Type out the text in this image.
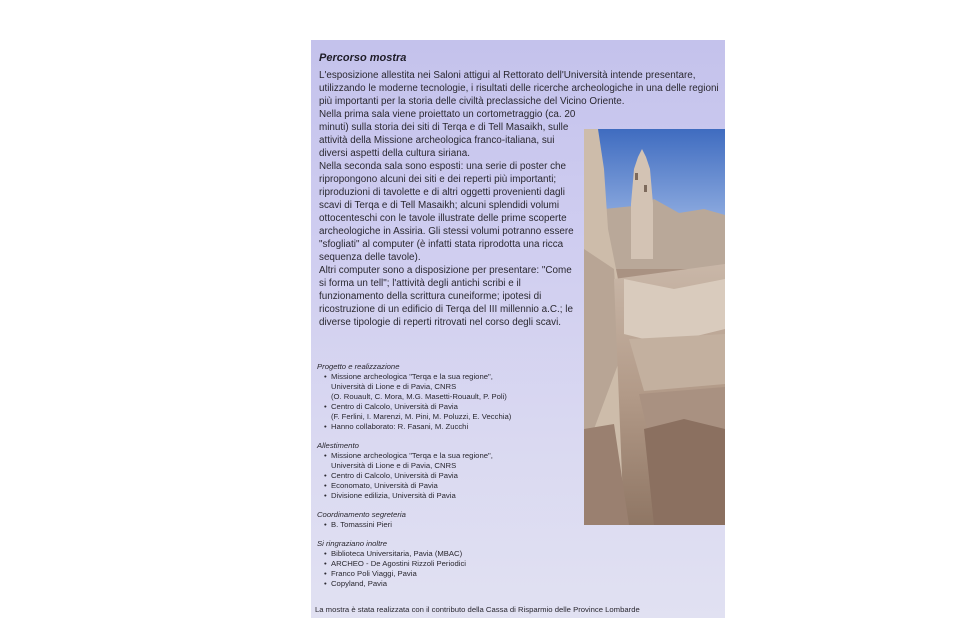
Percorso mostra

L'esposizione allestita nei Saloni attigui al Rettorato dell'Università intende presentare, utilizzando le moderne tecnologie, i risultati delle ricerche archeologiche in una delle regioni più importanti per la storia delle civiltà preclassiche del Vicino Oriente.

Nella prima sala viene proiettato un cortometraggio (ca. 20 minuti) sulla storia dei siti di Terqa e di Tell Masaikh, sulle attività della Missione archeologica franco-italiana, sui diversi aspetti della cultura siriana.

Nella seconda sala sono esposti: una serie di poster che ripropongono alcuni dei siti e dei reperti più importanti; riproduzioni di tavolette e di altri oggetti provenienti dagli scavi di Terqa e di Tell Masaikh; alcuni splendidi volumi ottocenteschi con le tavole illustrate delle prime scoperte archeologiche in Assiria. Gli stessi volumi potranno essere "sfogliati" al computer (è infatti stata riprodotta una ricca sequenza delle tavole).

Altri computer sono a disposizione per presentare: "Come si forma un tell"; l'attività degli antichi scribi e il funzionamento della scrittura cuneiforme; ipotesi di ricostruzione di un edificio di Terqa del III millennio a.C.; le diverse tipologie di reperti ritrovati nel corso degli scavi.

Progetto e realizzazione

• Missione archeologica "Terqa e la sua regione",
Università di Lione e di Pavia, CNRS
(O. Rouault, C. Mora, M.G. Masetti-Rouault, P. Poli)
• Centro di Calcolo, Università di Pavia
(F. Ferlini, I. Marenzi, M. Pini, M. Poluzzi, E. Vecchia)
• Hanno collaborato: R. Fasani, M. Zucchi

Allestimento

• Missione archeologica "Terqa e la sua regione",
Università di Lione e di Pavia, CNRS
• Centro di Calcolo, Università di Pavia
• Economato, Università di Pavia
• Divisione edilizia, Università di Pavia

Coordinamento segreteria

• B. Tomassini Pieri

Si ringraziano inoltre

• Biblioteca Universitaria, Pavia (MBAC)
• ARCHEO - De Agostini Rizzoli Periodici
• Franco Poli Viaggi, Pavia
• Copyland, Pavia

La mostra è stata realizzata con il contributo della Cassa di Risparmio delle Province Lombarde
